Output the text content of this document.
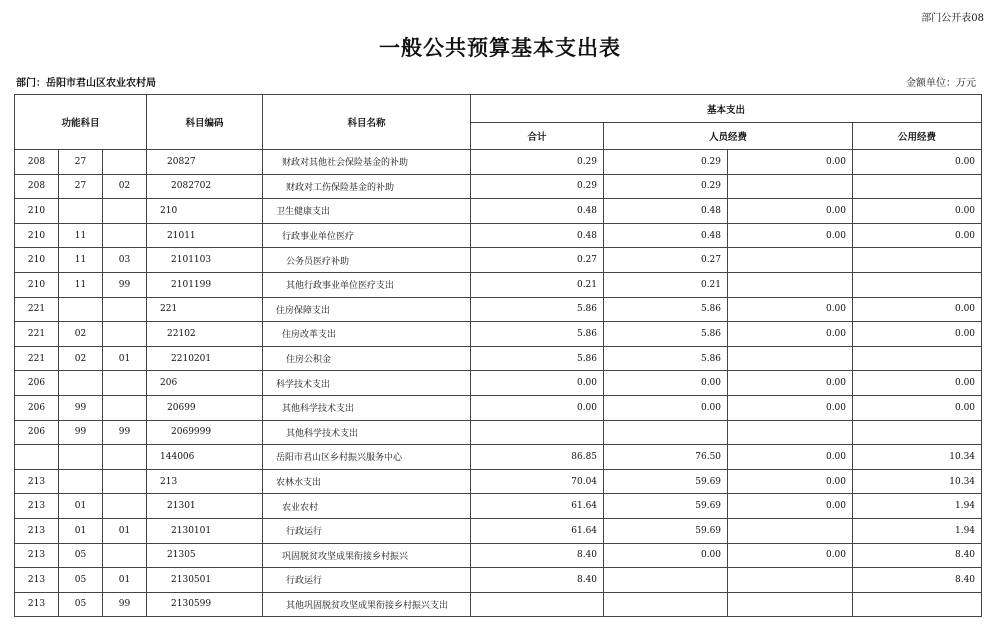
部门公开表08
一般公共预算基本支出表
部门：岳阳市君山区农业农村局	金额单位：万元
功能科目			科目编码	科目名称	基本支出			
					合计	人员经费		公用经费
208	27		20827	财政对其他社会保险基金的补助	0.29	0.29	0.00	0.00
208	27	02	2082702	财政对工伤保险基金的补助	0.29	0.29		
210			210	卫生健康支出	0.48	0.48	0.00	0.00
210	11		21011	行政事业单位医疗	0.48	0.48	0.00	0.00
210	11	03	2101103	公务员医疗补助	0.27	0.27		
210	11	99	2101199	其他行政事业单位医疗支出	0.21	0.21		
221			221	住房保障支出	5.86	5.86	0.00	0.00
221	02		22102	住房改革支出	5.86	5.86	0.00	0.00
221	02	01	2210201	住房公积金	5.86	5.86		
206			206	科学技术支出	0.00	0.00	0.00	0.00
206	99		20699	其他科学技术支出	0.00	0.00	0.00	0.00
206	99	99	2069999	其他科学技术支出				
			144006	岳阳市君山区乡村振兴服务中心	86.85	76.50	0.00	10.34
213			213	农林水支出	70.04	59.69	0.00	10.34
213	01		21301	农业农村	61.64	59.69	0.00	1.94
213	01	01	2130101	行政运行	61.64	59.69		1.94
213	05		21305	巩固脱贫攻坚成果衔接乡村振兴	8.40	0.00	0.00	8.40
213	05	01	2130501	行政运行	8.40			8.40
213	05	99	2130599	其他巩固脱贫攻坚成果衔接乡村振兴支出				
